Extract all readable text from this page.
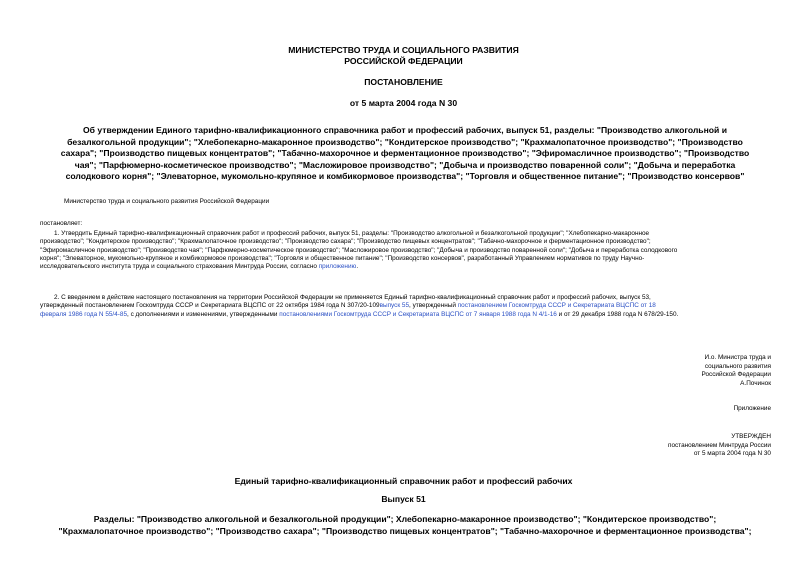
МИНИСТЕРСТВО ТРУДА И СОЦИАЛЬНОГО РАЗВИТИЯ
РОССИЙСКОЙ ФЕДЕРАЦИИ
ПОСТАНОВЛЕНИЕ
от 5 марта 2004 года N 30
Об утверждении Единого тарифно-квалификационного справочника работ и профессий рабочих, выпуск 51, разделы: "Производство алкогольной и
безалкогольной продукции"; "Хлебопекарно-макаронное производство"; "Кондитерское производство"; "Крахмалопаточное производство"; "Производство
сахара"; "Производство пищевых концентратов"; "Табачно-махорочное и ферментационное производство"; "Эфиромасличное производство"; "Производство
чая"; "Парфюмерно-косметическое производство"; "Масложировое производство"; "Добыча и производство поваренной соли"; "Добыча и переработка
солодкового корня"; "Элеваторное, мукомольно-крупяное и комбикормовое производства"; "Торговля и общественное питание"; "Производство консервов"
Министерство труда и социального развития Российской Федерации
постановляет:
1. Утвердить Единый тарифно-квалификационный справочник работ и профессий рабочих, выпуск 51, разделы: "Производство алкогольной и безалкогольной продукции"; "Хлебопекарно-макаронное
производство"; "Кондитерское производство"; "Крахмалопаточное производство"; "Производство сахара"; "Производство пищевых концентратов"; "Табачно-махорочное и ферментационное производство";
"Эфиромасличное производство"; "Производство чая"; "Парфюмерно-косметическое производство"; "Масложировое производство"; "Добыча и производство поваренной соли"; "Добыча и переработка солодкового
корня"; "Элеваторное, мукомольно-крупяное и комбикормовое производства"; "Торговля и общественное питание"; "Производство консервов", разработанный Управлением нормативов по труду Научно-
исследовательского института труда и социального страхования Минтруда России, согласно приложению.
2. С введением в действие настоящего постановления на территории Российской Федерации не применяется Единый тарифно-квалификационный справочник работ и профессий рабочих, выпуск 53,
утвержденный постановлением Госкомтруда СССР и Секретариата ВЦСПС от 22 октября 1984 года N 307/20-109выпуск 55, утвержденный постановлением Госкомтруда СССР и Секретариата ВЦСПС от 18
февраля 1986 года N 55/4-85, с дополнениями и изменениями, утвержденными постановлениями Госкомтруда СССР и Секретариата ВЦСПС от 7 января 1988 года N 4/1-16 и от 29 декабря 1988 года N 678/29-150.
И.о. Министра труда и
социального развития
Российской Федерации
А.Починок
Приложение
УТВЕРЖДЕН
постановлением Минтруда России
от 5 марта 2004 года N 30
Единый тарифно-квалификационный справочник работ и профессий рабочих
Выпуск 51
Разделы: "Производство алкогольной и безалкогольной продукции"; Хлебопекарно-макаронное производство"; "Кондитерское производство";
"Крахмалопаточное производство"; "Производство сахара"; "Производство пищевых концентратов"; "Табачно-махорочное и ферментационное производства";
